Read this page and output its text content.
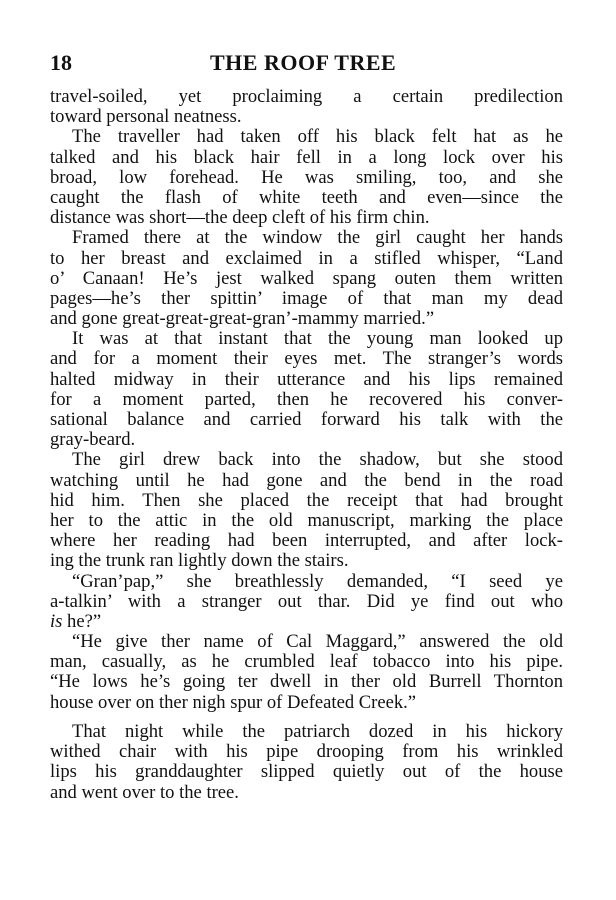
18	THE ROOF TREE
travel-soiled, yet proclaiming a certain predilection
toward personal neatness.
The traveller had taken off his black felt hat as he
talked and his black hair fell in a long lock over his
broad, low forehead. He was smiling, too, and she
caught the flash of white teeth and even—since the
distance was short—the deep cleft of his firm chin.
Framed there at the window the girl caught her hands
to her breast and exclaimed in a stifled whisper, “Land
o’ Canaan! He’s jest walked spang outen them written
pages—he’s ther spittin’ image of that man my dead
and gone great-great-great-gran’-mammy married.”
It was at that instant that the young man looked up
and for a moment their eyes met. The stranger’s words
halted midway in their utterance and his lips remained
for a moment parted, then he recovered his conver-
sational balance and carried forward his talk with the
gray-beard.
The girl drew back into the shadow, but she stood
watching until he had gone and the bend in the road
hid him. Then she placed the receipt that had brought
her to the attic in the old manuscript, marking the place
where her reading had been interrupted, and after lock-
ing the trunk ran lightly down the stairs.
“Gran’pap,” she breathlessly demanded, “I seed ye
a-talkin’ with a stranger out thar. Did ye find out who
is he?”
“He give ther name of Cal Maggard,” answered the old
man, casually, as he crumbled leaf tobacco into his pipe.
“He lows he’s going ter dwell in ther old Burrell Thornton
house over on ther nigh spur of Defeated Creek.”
That night while the patriarch dozed in his hickory
withed chair with his pipe drooping from his wrinkled
lips his granddaughter slipped quietly out of the house
and went over to the tree.
